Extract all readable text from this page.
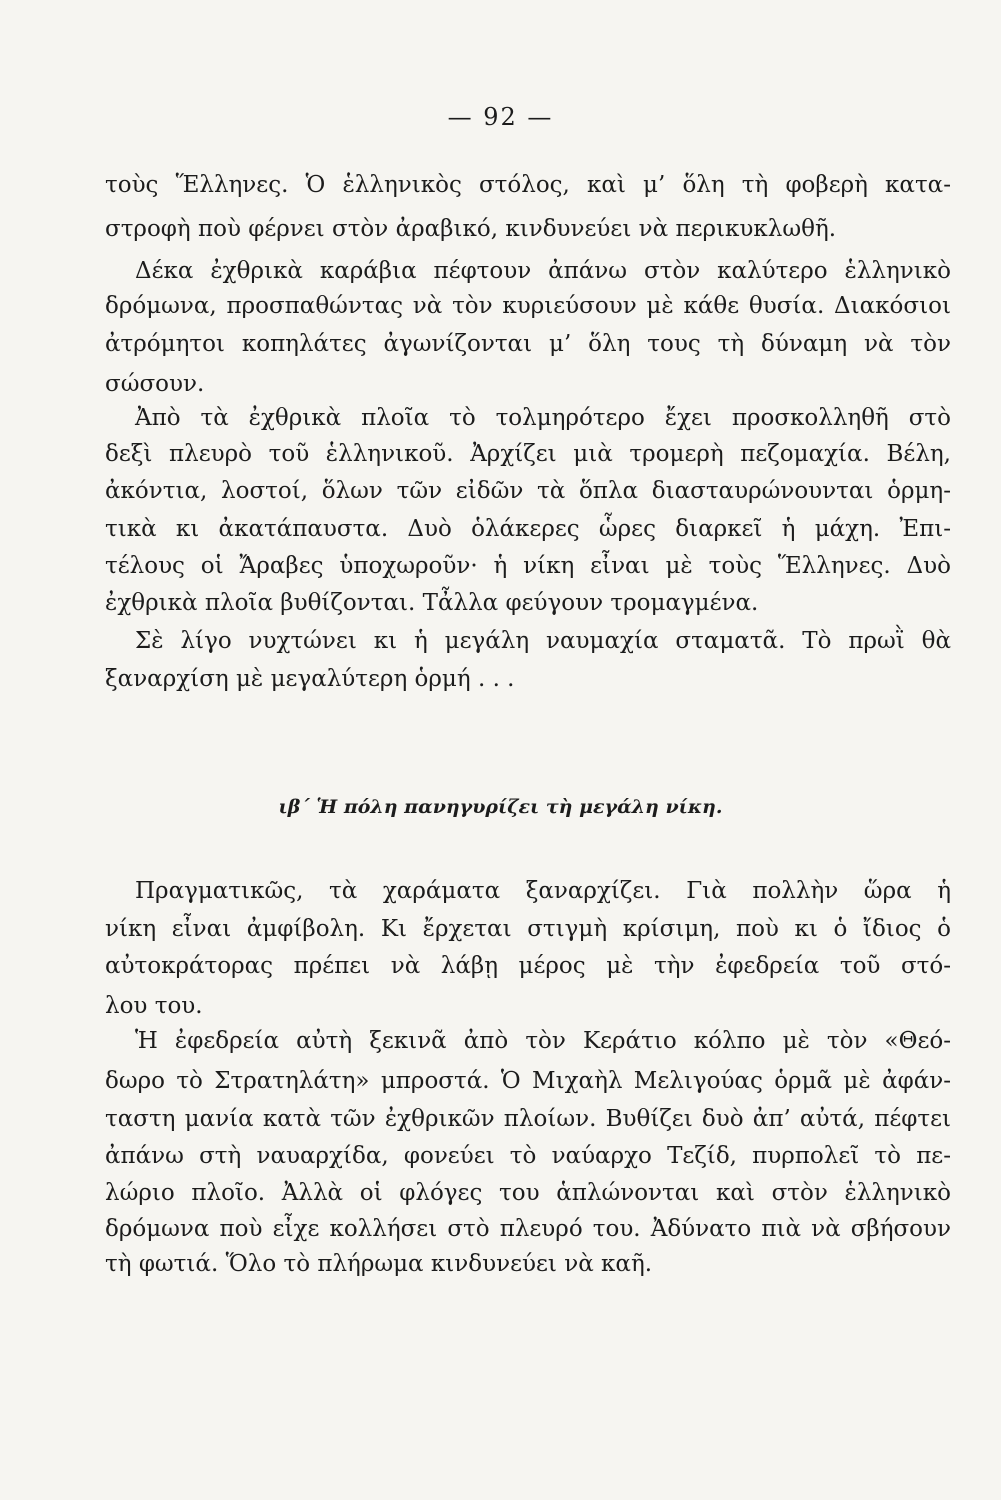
— 92 —
τοὺς Ἕλληνες. Ὁ ἑλληνικὸς στόλος, καὶ μ’ ὅλη τὴ φοβερὴ κατα-
στροφὴ ποὺ φέρνει στὸν ἀραβικό, κινδυνεύει νὰ περικυκλωθῆ.
Δέκα ἐχθρικὰ καράβια πέφτουν ἀπάνω στὸν καλύτερο ἑλληνικὸ
δρόμωνα, προσπαθώντας νὰ τὸν κυριεύσουν μὲ κάθε θυσία. Διακόσιοι
ἀτρόμητοι κοπηλάτες ἀγωνίζονται μ’ ὅλη τους τὴ δύναμη νὰ τὸν
σώσουν.
Ἀπὸ τὰ ἐχθρικὰ πλοῖα τὸ τολμηρότερο ἔχει προσκολληθῆ στὸ
δεξὶ πλευρὸ τοῦ ἑλληνικοῦ. Ἀρχίζει μιὰ τρομερὴ πεζομαχία. Βέλη,
ἀκόντια, λοστοί, ὅλων τῶν εἰδῶν τὰ ὅπλα διασταυρώνουνται ὁρμη-
τικὰ κι ἀκατάπαυστα. Δυὸ ὁλάκερες ὧρες διαρκεῖ ἡ μάχη. Ἐπι-
τέλους οἱ Ἄραβες ὑποχωροῦν· ἡ νίκη εἶναι μὲ τοὺς Ἕλληνες. Δυὸ
ἐχθρικὰ πλοῖα βυθίζονται. Τἆλλα φεύγουν τρομαγμένα.
Σὲ λίγο νυχτώνει κι ἡ μεγάλη ναυμαχία σταματᾶ. Τὸ πρωῒ θὰ
ξαναρχίση μὲ μεγαλύτερη ὁρμή . . .
ιβ΄ Ἡ πόλη πανηγυρίζει τὴ μεγάλη νίκη.
Πραγματικῶς, τὰ χαράματα ξαναρχίζει. Γιὰ πολλὴν ὥρα ἡ
νίκη εἶναι ἀμφίβολη. Κι ἔρχεται στιγμὴ κρίσιμη, ποὺ κι ὁ ἴδιος ὁ
αὐτοκράτορας πρέπει νὰ λάβῃ μέρος μὲ τὴν ἐφεδρεία τοῦ στό-
λου του.
Ἡ ἐφεδρεία αὐτὴ ξεκινᾶ ἀπὸ τὸν Κεράτιο κόλπο μὲ τὸν «Θεό-
δωρο τὸ Στρατηλάτη» μπροστά. Ὁ Μιχαὴλ Μελιγούας ὁρμᾶ μὲ ἀφάν-
ταστη μανία κατὰ τῶν ἐχθρικῶν πλοίων. Βυθίζει δυὸ ἀπ’ αὐτά, πέφτει
ἀπάνω στὴ ναυαρχίδα, φονεύει τὸ ναύαρχο Τεζίδ, πυρπολεῖ τὸ πε-
λώριο πλοῖο. Ἀλλὰ οἱ φλόγες του ἁπλώνονται καὶ στὸν ἑλληνικὸ
δρόμωνα ποὺ εἶχε κολλήσει στὸ πλευρό του. Ἀδύνατο πιὰ νὰ σβήσουν
τὴ φωτιά. Ὅλο τὸ πλήρωμα κινδυνεύει νὰ καῆ.
